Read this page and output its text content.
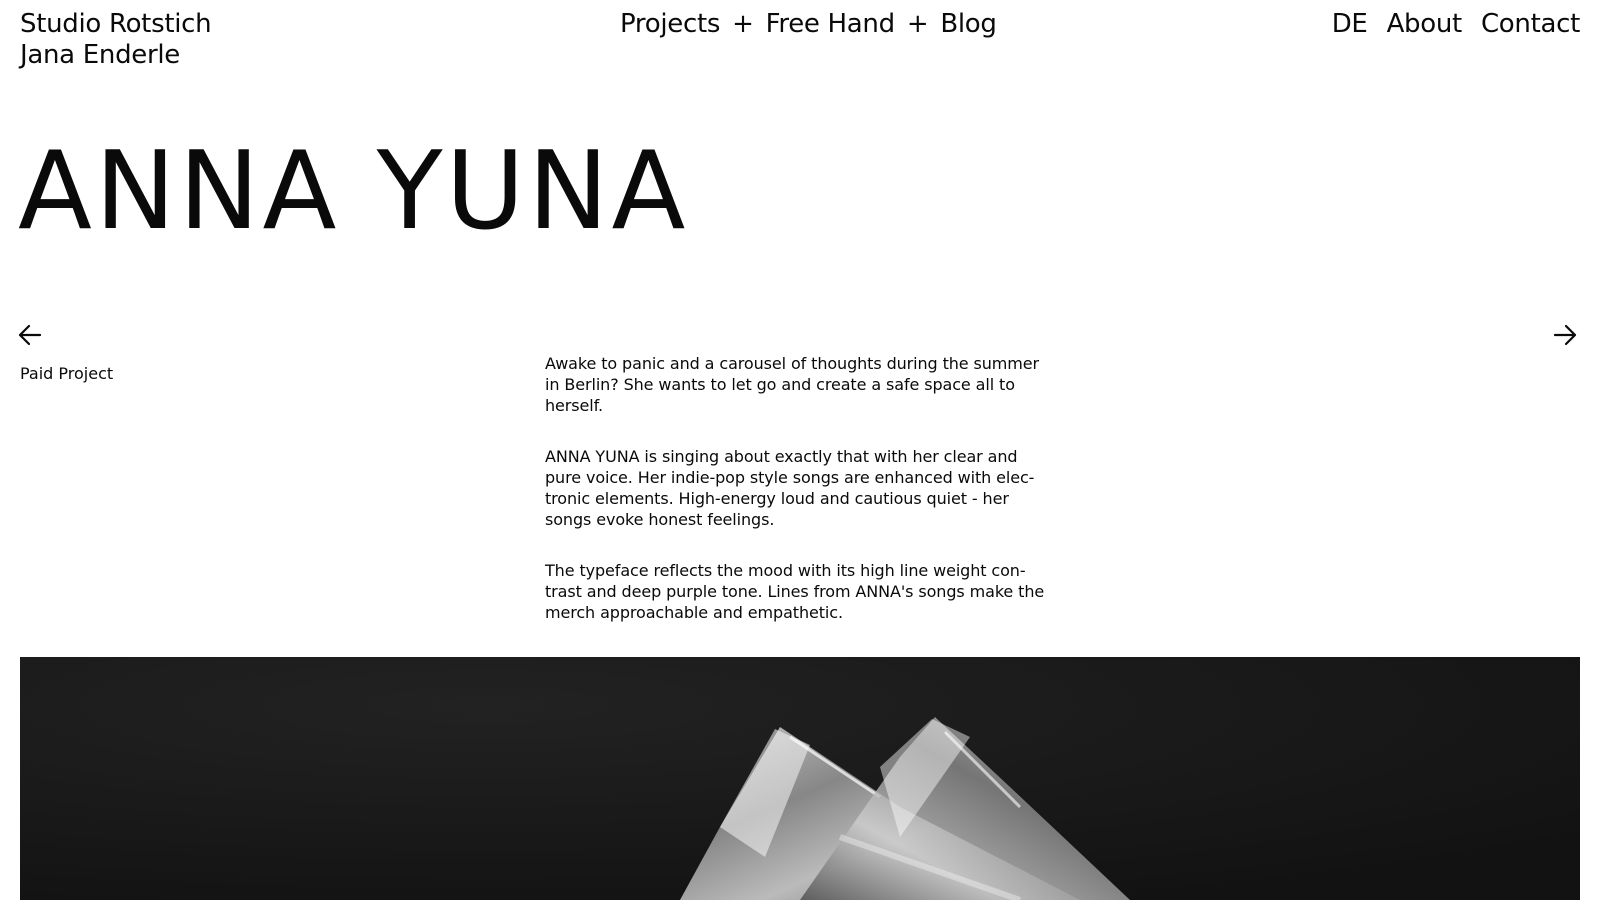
Studio Rotstich
Jana Enderle
Projects + Free Hand + Blog	DE About Contact
ANNA YUNA
Paid Project

Awake to panic and a carousel of thoughts during the summer in Berlin? She wants to let go and create a safe space all to herself.

ANNA YUNA is singing about exactly that with her clear and pure voice. Her indie-pop style songs are enhanced with elec-tronic elements. High-energy loud and cautious quiet - her songs evoke honest feelings.

The typeface reflects the mood with its high line weight con-trast and deep purple tone. Lines from ANNA's songs make the merch approachable and empathetic.
